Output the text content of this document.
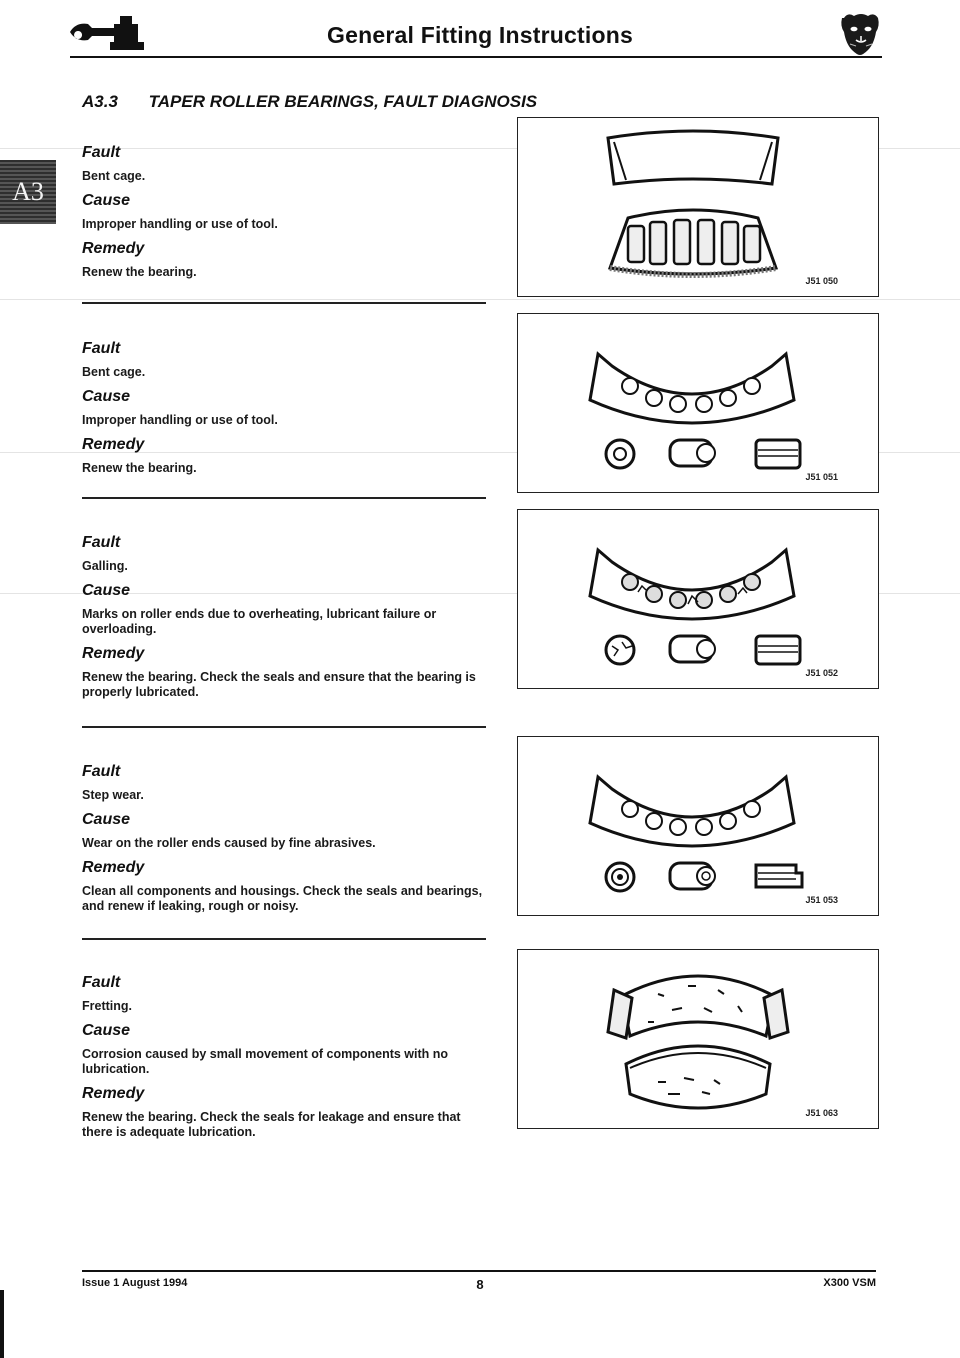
General Fitting Instructions
A3
A3.3 TAPER ROLLER BEARINGS, FAULT DIAGNOSIS

Fault

Bent cage.

Cause

Improper handling or use of tool.

Remedy

Renew the bearing.

Fault

Bent cage.

Cause

Improper handling or use of tool.

Remedy

Renew the bearing.

Fault

Galling.

Cause

Marks on roller ends due to overheating, lubricant failure or overloading.

Remedy

Renew the bearing. Check the seals and ensure that the bearing is properly lubricated.

Fault

Step wear.

Cause

Wear on the roller ends caused by fine abrasives.

Remedy

Clean all components and housings. Check the seals and bearings, and renew if leaking, rough or noisy.

Fault

Fretting.

Cause

Corrosion caused by small movement of components with no lubrication.

Remedy

Renew the bearing. Check the seals for leakage and ensure that there is adequate lubrication.

J51 050
J51 051
J51 052
J51 053
J51 063
Issue 1 August 1994	8	X300 VSM
